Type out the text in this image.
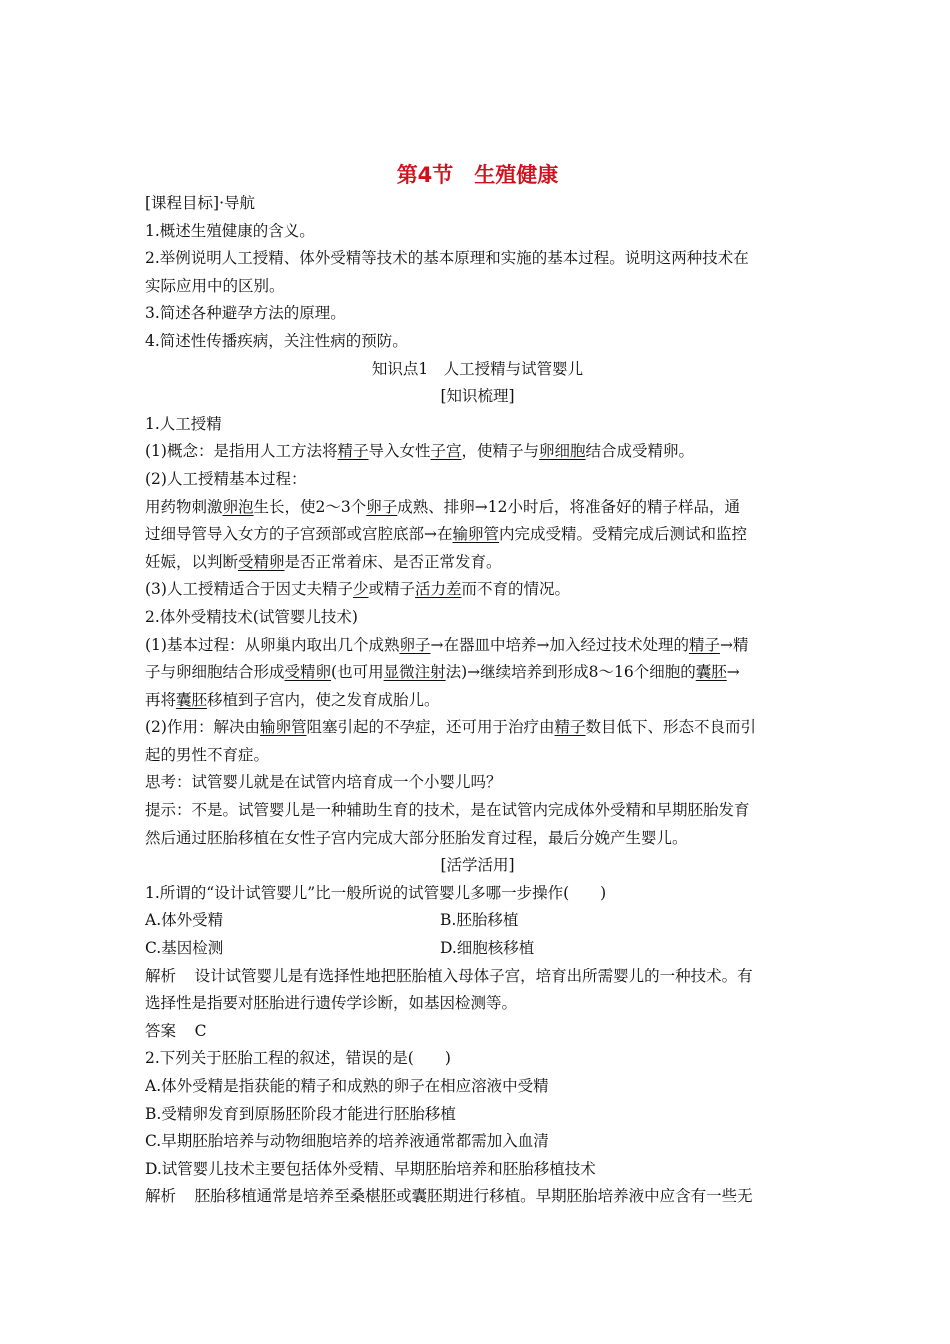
第4节　生殖健康
[课程目标]·导航
1.概述生殖健康的含义。
2.举例说明人工授精、体外受精等技术的基本原理和实施的基本过程。说明这两种技术在
实际应用中的区别。
3.简述各种避孕方法的原理。
4.简述性传播疾病，关注性病的预防。
知识点1　人工授精与试管婴儿
[知识梳理]
1.人工授精
(1)概念：是指用人工方法将精子导入女性子宫，使精子与卵细胞结合成受精卵。
(2)人工授精基本过程：
用药物刺激卵泡生长，使2～3个卵子成熟、排卵→12小时后，将准备好的精子样品，通
过细导管导入女方的子宫颈部或宫腔底部→在输卵管内完成受精。受精完成后测试和监控
妊娠，以判断受精卵是否正常着床、是否正常发育。
(3)人工授精适合于因丈夫精子少或精子活力差而不育的情况。
2.体外受精技术(试管婴儿技术)
(1)基本过程：从卵巢内取出几个成熟卵子→在器皿中培养→加入经过技术处理的精子→精
子与卵细胞结合形成受精卵(也可用显微注射法)→继续培养到形成8～16个细胞的囊胚→
再将囊胚移植到子宫内，使之发育成胎儿。
(2)作用：解决由输卵管阻塞引起的不孕症，还可用于治疗由精子数目低下、形态不良而引
起的男性不育症。
思考：试管婴儿就是在试管内培育成一个小婴儿吗？
提示：不是。试管婴儿是一种辅助生育的技术，是在试管内完成体外受精和早期胚胎发育
然后通过胚胎移植在女性子宫内完成大部分胚胎发育过程，最后分娩产生婴儿。
[活学活用]
1.所谓的“设计试管婴儿”比一般所说的试管婴儿多哪一步操作(　　)
A.体外受精	B.胚胎移植
C.基因检测	D.细胞核移植
解析 设计试管婴儿是有选择性地把胚胎植入母体子宫，培育出所需婴儿的一种技术。有
选择性是指要对胚胎进行遗传学诊断，如基因检测等。
答案 C
2.下列关于胚胎工程的叙述，错误的是(　　)
A.体外受精是指获能的精子和成熟的卵子在相应溶液中受精
B.受精卵发育到原肠胚阶段才能进行胚胎移植
C.早期胚胎培养与动物细胞培养的培养液通常都需加入血清
D.试管婴儿技术主要包括体外受精、早期胚胎培养和胚胎移植技术
解析 胚胎移植通常是培养至桑椹胚或囊胚期进行移植。早期胚胎培养液中应含有一些无
